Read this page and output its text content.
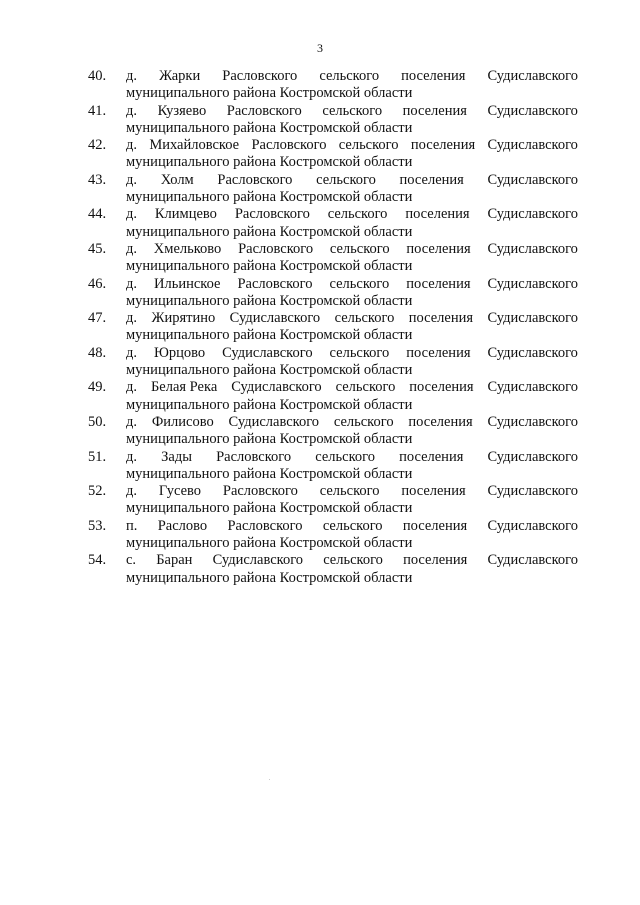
3
40. д. Жарки Расловского сельского поселения Судиславского
муниципального района Костромской области
41. д. Кузяево Расловского сельского поселения Судиславского
муниципального района Костромской области
42. д. Михайловское Расловского сельского поселения Судиславского
муниципального района Костромской области
43. д. Холм Расловского сельского поселения Судиславского
муниципального района Костромской области
44. д. Климцево Расловского сельского поселения Судиславского
муниципального района Костромской области
45. д. Хмельково Расловского сельского поселения Судиславского
муниципального района Костромской области
46. д. Ильинское Расловского сельского поселения Судиславского
муниципального района Костромской области
47. д. Жирятино Судиславского сельского поселения Судиславского
муниципального района Костромской области
48. д. Юрцово Судиславского сельского поселения Судиславского
муниципального района Костромской области
49. д. Белая Река Судиславского сельского поселения Судиславского
муниципального района Костромской области
50. д. Филисово Судиславского сельского поселения Судиславского
муниципального района Костромской области
51. д. Зады Расловского сельского поселения Судиславского
муниципального района Костромской области
52. д. Гусево Расловского сельского поселения Судиславского
муниципального района Костромской области
53. п. Раслово Расловского сельского поселения Судиславского
муниципального района Костромской области
54. с. Баран Судиславского сельского поселения Судиславского
муниципального района Костромской области
